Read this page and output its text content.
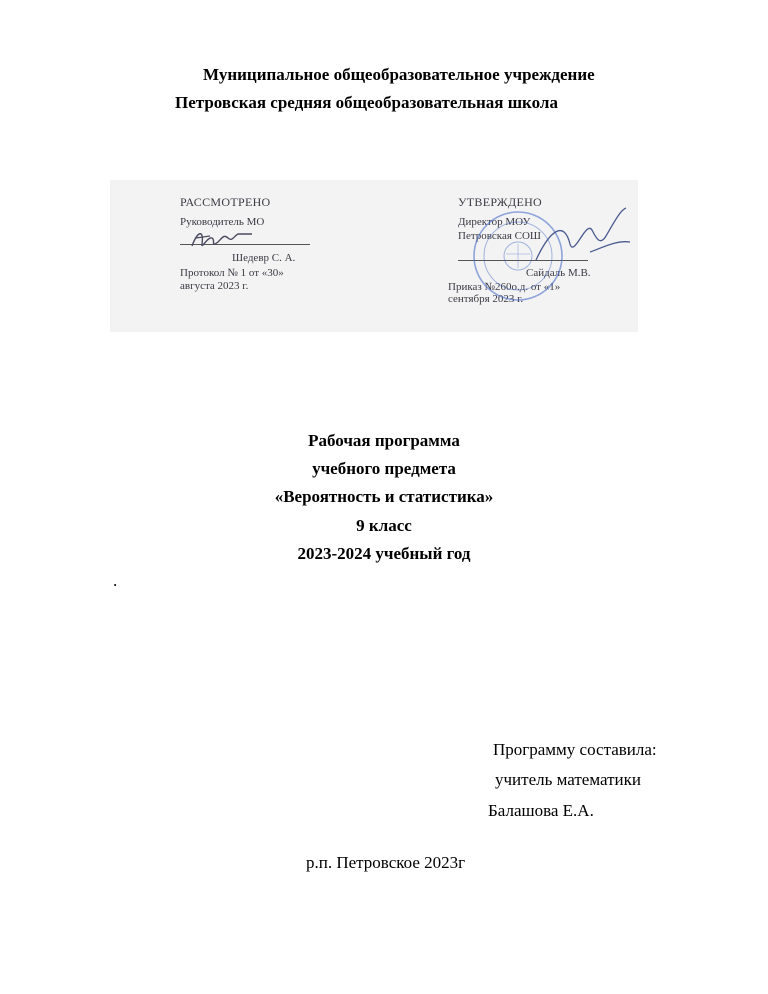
Муниципальное общеобразовательное учреждение
Петровская средняя общеобразовательная школа
РАССМОТРЕНО
Руководитель МО
Шедевр С. А.
Протокол № 1 от «30»
августа 2023 г.
УТВЕРЖДЕНО
Директор МОУ
Петровская СОШ
Сайдаль М.В.
Приказ №260о.д. от «1»
сентября 2023 г.
Рабочая программа
учебного предмета
«Вероятность и статистика»
9 класс
2023-2024 учебный год
.
Программу составила:
учитель математики
Балашова Е.А.
р.п. Петровское 2023г
